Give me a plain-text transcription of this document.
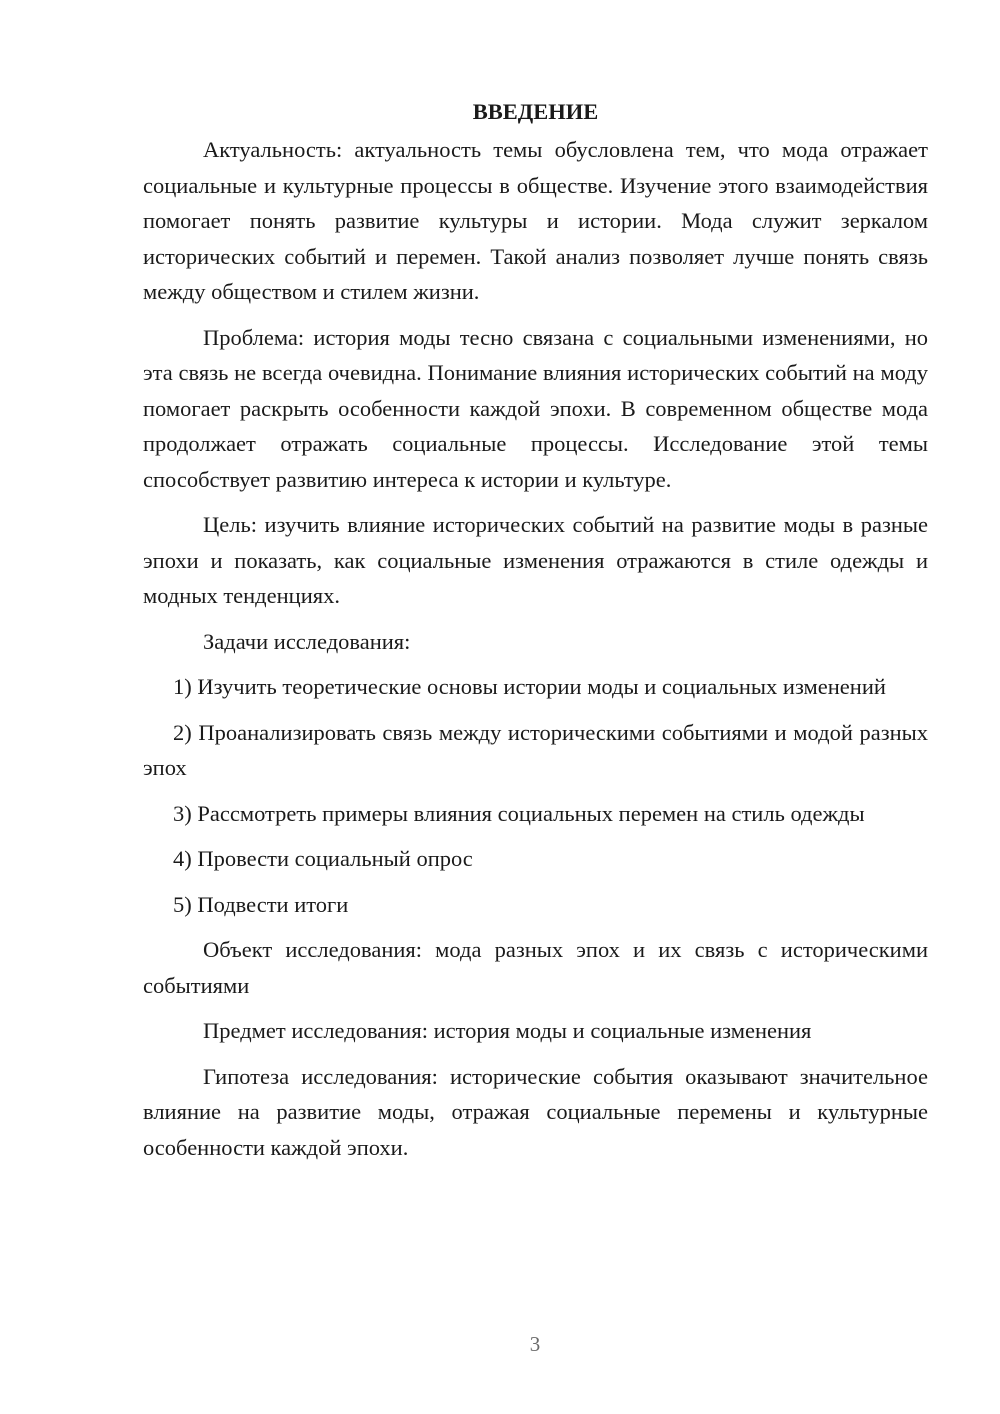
ВВЕДЕНИЕ

Актуальность: актуальность темы обусловлена тем, что мода отражает социальные и культурные процессы в обществе. Изучение этого взаимодействия помогает понять развитие культуры и истории. Мода служит зеркалом исторических событий и перемен. Такой анализ позволяет лучше понять связь между обществом и стилем жизни.

Проблема: история моды тесно связана с социальными изменениями, но эта связь не всегда очевидна. Понимание влияния исторических событий на моду помогает раскрыть особенности каждой эпохи. В современном обществе мода продолжает отражать социальные процессы. Исследование этой темы способствует развитию интереса к истории и культуре.

Цель: изучить влияние исторических событий на развитие моды в разные эпохи и показать, как социальные изменения отражаются в стиле одежды и модных тенденциях.

Задачи исследования:

1) Изучить теоретические основы истории моды и социальных изменений

2) Проанализировать связь между историческими событиями и модой разных эпох

3) Рассмотреть примеры влияния социальных перемен на стиль одежды

4) Провести социальный опрос

5) Подвести итоги

Объект исследования: мода разных эпох и их связь с историческими событиями

Предмет исследования: история моды и социальные изменения

Гипотеза исследования: исторические события оказывают значительное влияние на развитие моды, отражая социальные перемены и культурные особенности каждой эпохи.

3
